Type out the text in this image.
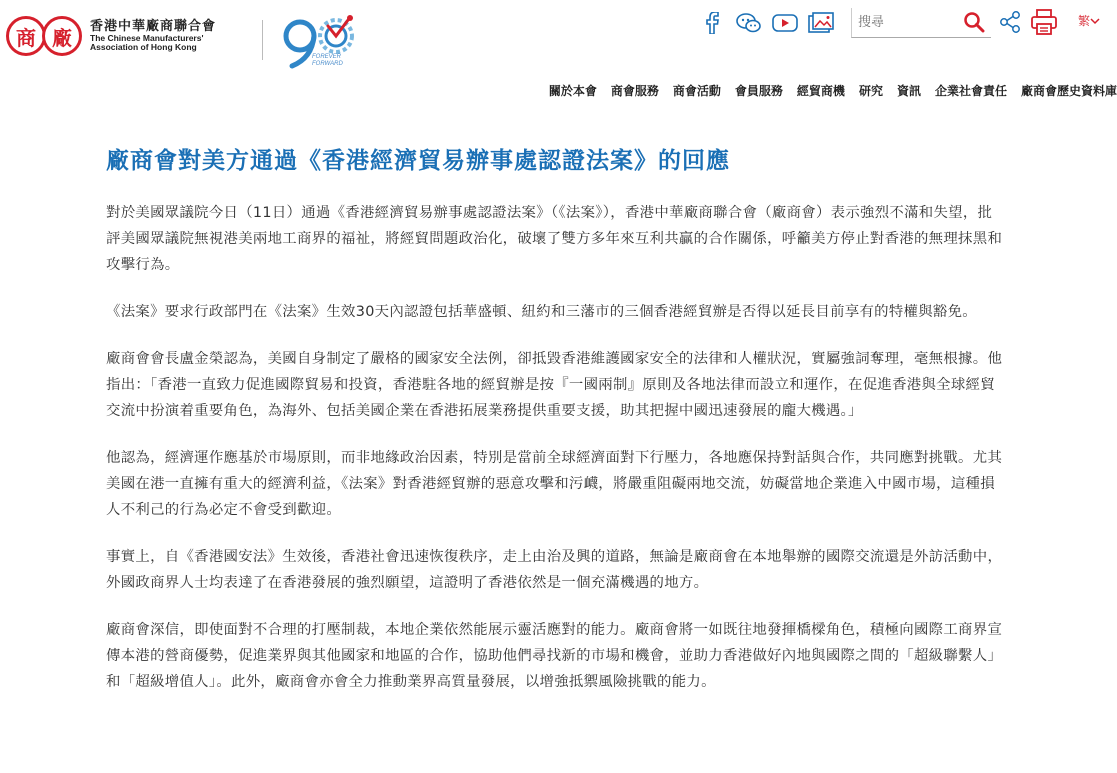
商 廠	香港中華廠商聯合會
The Chinese Manufacturers'
Association of Hong Kong
FOREVER
FORWARD
搜尋
繁
關於本會 商會服務 商會活動 會員服務 經貿商機 研究 資訊 企業社會責任 廠商會歷史資料庫
廠商會對美方通過《香港經濟貿易辦事處認證法案》的回應

對於美國眾議院今日（11日）通過《香港經濟貿易辦事處認證法案》（《法案》），香港中華廠商聯合會（廠商會）表示強烈不滿和失望，批評美國眾議院無視港美兩地工商界的福祉，將經貿問題政治化，破壞了雙方多年來互利共贏的合作關係，呼籲美方停止對香港的無理抹黑和攻擊行為。

《法案》要求行政部門在《法案》生效30天內認證包括華盛頓、紐約和三藩市的三個香港經貿辦是否得以延長目前享有的特權與豁免。

廠商會會長盧金榮認為，美國自身制定了嚴格的國家安全法例，卻抵毀香港維護國家安全的法律和人權狀況，實屬強詞奪理，毫無根據。他指出：「香港一直致力促進國際貿易和投資，香港駐各地的經貿辦是按『一國兩制』原則及各地法律而設立和運作，在促進香港與全球經貿交流中扮演着重要角色，為海外、包括美國企業在香港拓展業務提供重要支援，助其把握中國迅速發展的龐大機遇。」

他認為，經濟運作應基於市場原則，而非地緣政治因素，特別是當前全球經濟面對下行壓力，各地應保持對話與合作，共同應對挑戰。尤其美國在港一直擁有重大的經濟利益，《法案》對香港經貿辦的惡意攻擊和污衊，將嚴重阻礙兩地交流，妨礙當地企業進入中國市場，這種損人不利己的行為必定不會受到歡迎。

事實上，自《香港國安法》生效後，香港社會迅速恢復秩序，走上由治及興的道路，無論是廠商會在本地舉辦的國際交流還是外訪活動中，外國政商界人士均表達了在香港發展的強烈願望，這證明了香港依然是一個充滿機遇的地方。

廠商會深信，即使面對不合理的打壓制裁，本地企業依然能展示靈活應對的能力。廠商會將一如既往地發揮橋樑角色，積極向國際工商界宣傳本港的營商優勢，促進業界與其他國家和地區的合作，協助他們尋找新的市場和機會，並助力香港做好內地與國際之間的「超級聯繫人」和「超級增值人」。此外，廠商會亦會全力推動業界高質量發展，以增強抵禦風險挑戰的能力。
